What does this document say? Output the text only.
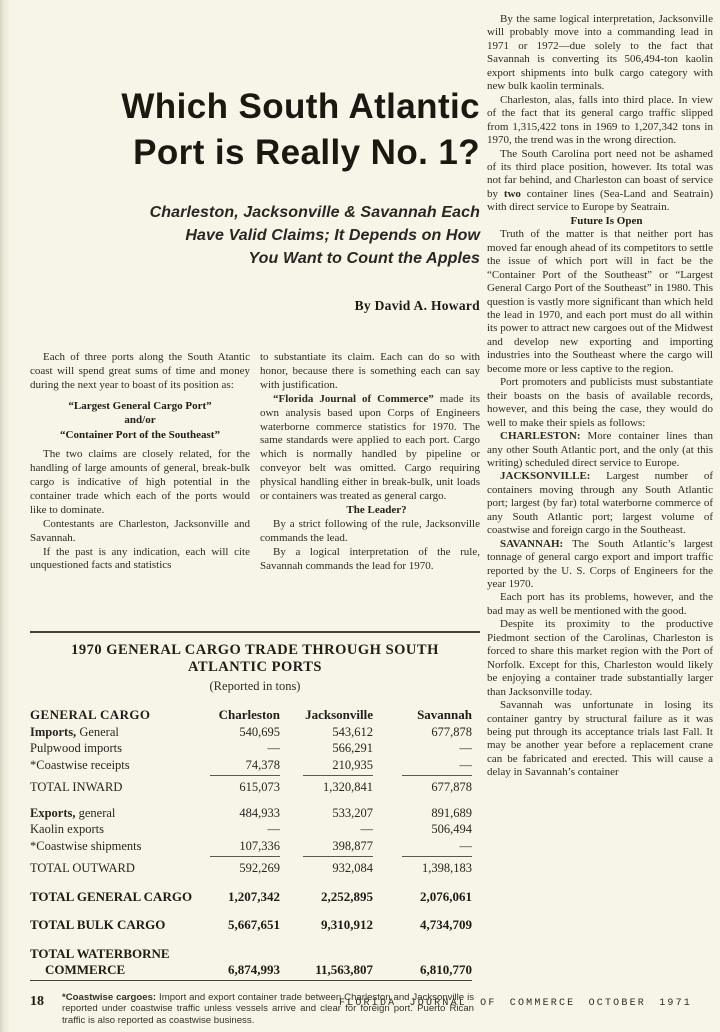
Which South Atlantic
Port is Really No. 1?
Charleston, Jacksonville & Savannah Each
Have Valid Claims; It Depends on How
You Want to Count the Apples
By David A. Howard

Each of three ports along the South Atantic coast will spend great sums of time and money during the next year to boast of its position as:

“Largest General Cargo Port”
and/or
“Container Port of the Southeast”

The two claims are closely related, for the handling of large amounts of general, break-bulk cargo is indicative of high potential in the container trade which each of the ports would like to dominate.

Contestants are Charleston, Jacksonville and Savannah.

If the past is any indication, each will cite unquestioned facts and statistics

to substantiate its claim. Each can do so with honor, because there is something each can say with justification.

“Florida Journal of Commerce” made its own analysis based upon Corps of Engineers waterborne commerce statistics for 1970. The same standards were applied to each port. Cargo which is normally handled by pipeline or conveyor belt was omitted. Cargo requiring physical handling either in break-bulk, unit loads or containers was treated as general cargo.

The Leader?

By a strict following of the rule, Jacksonville commands the lead.

By a logical interpretation of the rule, Savannah commands the lead for 1970.

By the same logical interpretation, Jacksonville will probably move into a commanding lead in 1971 or 1972—due solely to the fact that Savannah is converting its 506,494-ton kaolin export shipments into bulk cargo category with new bulk kaolin terminals.

Charleston, alas, falls into third place. In view of the fact that its general cargo traffic slipped from 1,315,422 tons in 1969 to 1,207,342 tons in 1970, the trend was in the wrong direction.

The South Carolina port need not be ashamed of its third place position, however. Its total was not far behind, and Charleston can boast of service by two container lines (Sea-Land and Seatrain) with direct service to Europe by Seatrain.

Future Is Open

Truth of the matter is that neither port has moved far enough ahead of its competitors to settle the issue of which port will in fact be the “Container Port of the Southeast” or “Largest General Cargo Port of the Southeast” in 1980. This question is vastly more significant than which held the lead in 1970, and each port must do all within its power to attract new cargoes out of the Midwest and develop new exporting and importing industries into the Southeast where the cargo will become more or less captive to the region.

Port promoters and publicists must substantiate their boasts on the basis of available records, however, and this being the case, they would do well to make their spiels as follows:

CHARLESTON: More container lines than any other South Atlantic port, and the only (at this writing) scheduled direct service to Europe.

JACKSONVILLE: Largest number of containers moving through any South Atlantic port; largest (by far) total waterborne commerce of any South Atlantic port; largest volume of coastwise and foreign cargo in the Southeast.

SAVANNAH: The South Atlantic’s largest tonnage of general cargo export and import traffic reported by the U. S. Corps of Engineers for the year 1970.

Each port has its problems, however, and the bad may as well be mentioned with the good.

Despite its proximity to the productive Piedmont section of the Carolinas, Charleston is forced to share this market region with the Port of Norfolk. Except for this, Charleston would likely be enjoying a container trade substantially larger than Jacksonville today.

Savannah was unfortunate in losing its container gantry by structural failure as it was being put through its acceptance trials last Fall. It may be another year before a replacement crane can be fabricated and erected. This will cause a delay in Savannah’s container

1970 GENERAL CARGO TRADE THROUGH SOUTH ATLANTIC PORTS

(Reported in tons)

GENERAL CARGO	Charleston	Jacksonville	Savannah
Imports, General	540,695	543,612	677,878
Pulpwood imports	—	566,291	—
*Coastwise receipts	74,378	210,935	—

TOTAL INWARD	615,073	1,320,841	677,878
Exports, general	484,933	533,207	891,689
Kaolin exports	—	—	506,494
*Coastwise shipments	107,336	398,877	—

TOTAL OUTWARD	592,269	932,084	1,398,183
TOTAL GENERAL CARGO	1,207,342	2,252,895	2,076,061
TOTAL BULK CARGO	5,667,651	9,310,912	4,734,709

TOTAL WATERBORNE
COMMERCE	6,874,993	11,563,807	6,810,770

*Coastwise cargoes: Import and export container trade between Charleston and Jacksonville is reported under coastwise traffic unless vessels arrive and clear for foreign port. Puerto Rican traffic is also reported as coastwise business.

18	FLORIDA JOURNAL OF COMMERCE OCTOBER 1971
